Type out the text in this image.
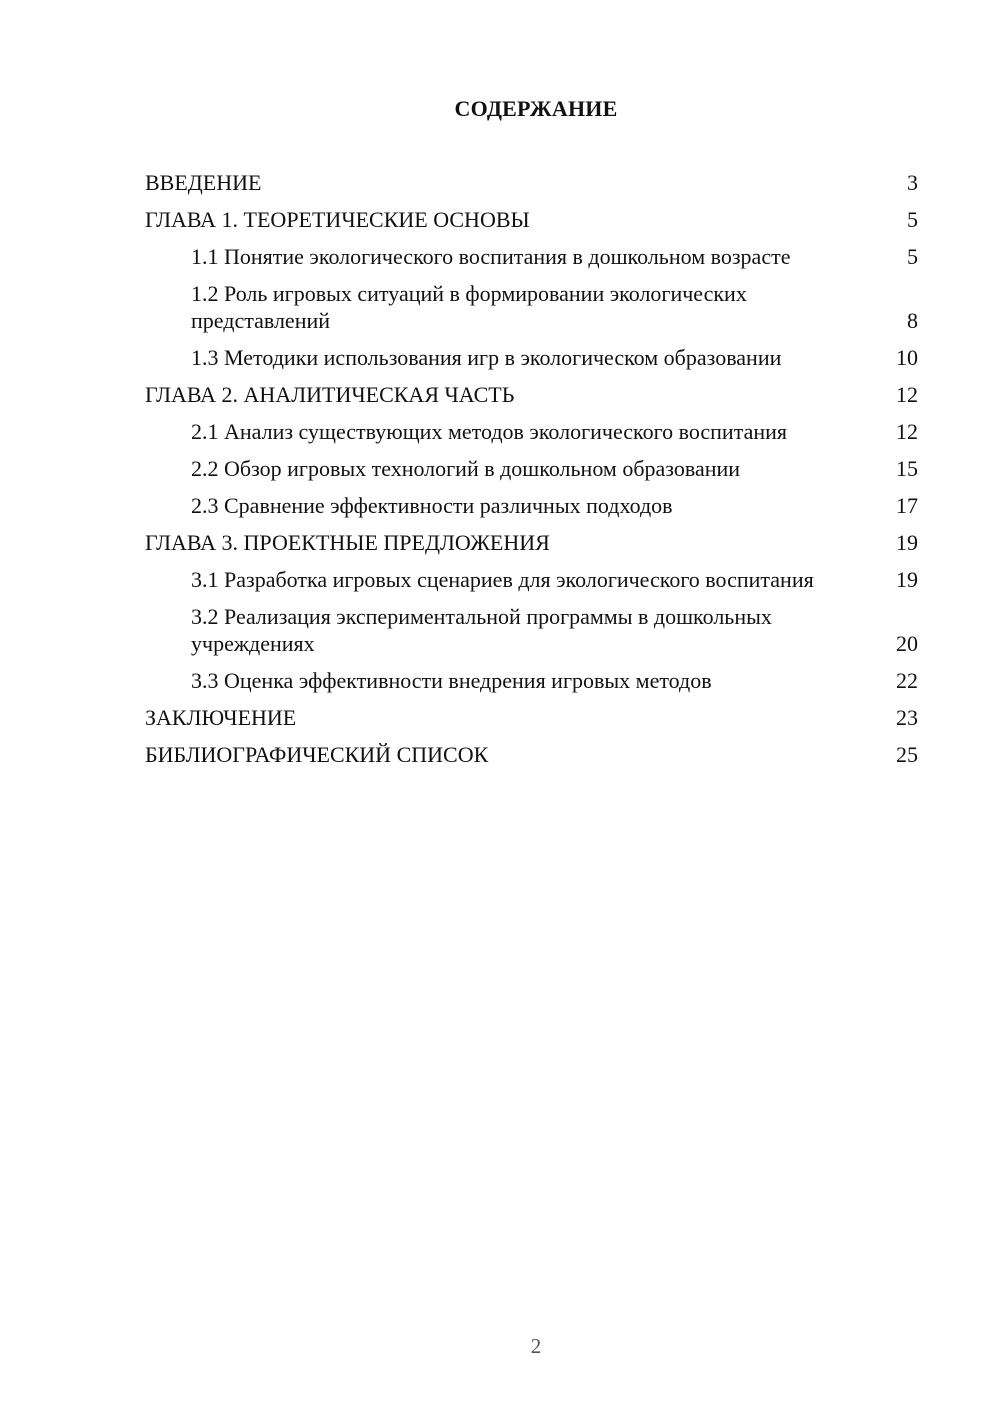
СОДЕРЖАНИЕ
ВВЕДЕНИЕ	3
ГЛАВА 1. ТЕОРЕТИЧЕСКИЕ ОСНОВЫ	5
1.1 Понятие экологического воспитания в дошкольном возрасте	5
1.2 Роль игровых ситуаций в формировании экологических представлений	8
1.3 Методики использования игр в экологическом образовании	10
ГЛАВА 2. АНАЛИТИЧЕСКАЯ ЧАСТЬ	12
2.1 Анализ существующих методов экологического воспитания	12
2.2 Обзор игровых технологий в дошкольном образовании	15
2.3 Сравнение эффективности различных подходов	17
ГЛАВА 3. ПРОЕКТНЫЕ ПРЕДЛОЖЕНИЯ	19
3.1 Разработка игровых сценариев для экологического воспитания	19
3.2 Реализация экспериментальной программы в дошкольных учреждениях	20
3.3 Оценка эффективности внедрения игровых методов	22
ЗАКЛЮЧЕНИЕ	23
БИБЛИОГРАФИЧЕСКИЙ СПИСОК	25
2
